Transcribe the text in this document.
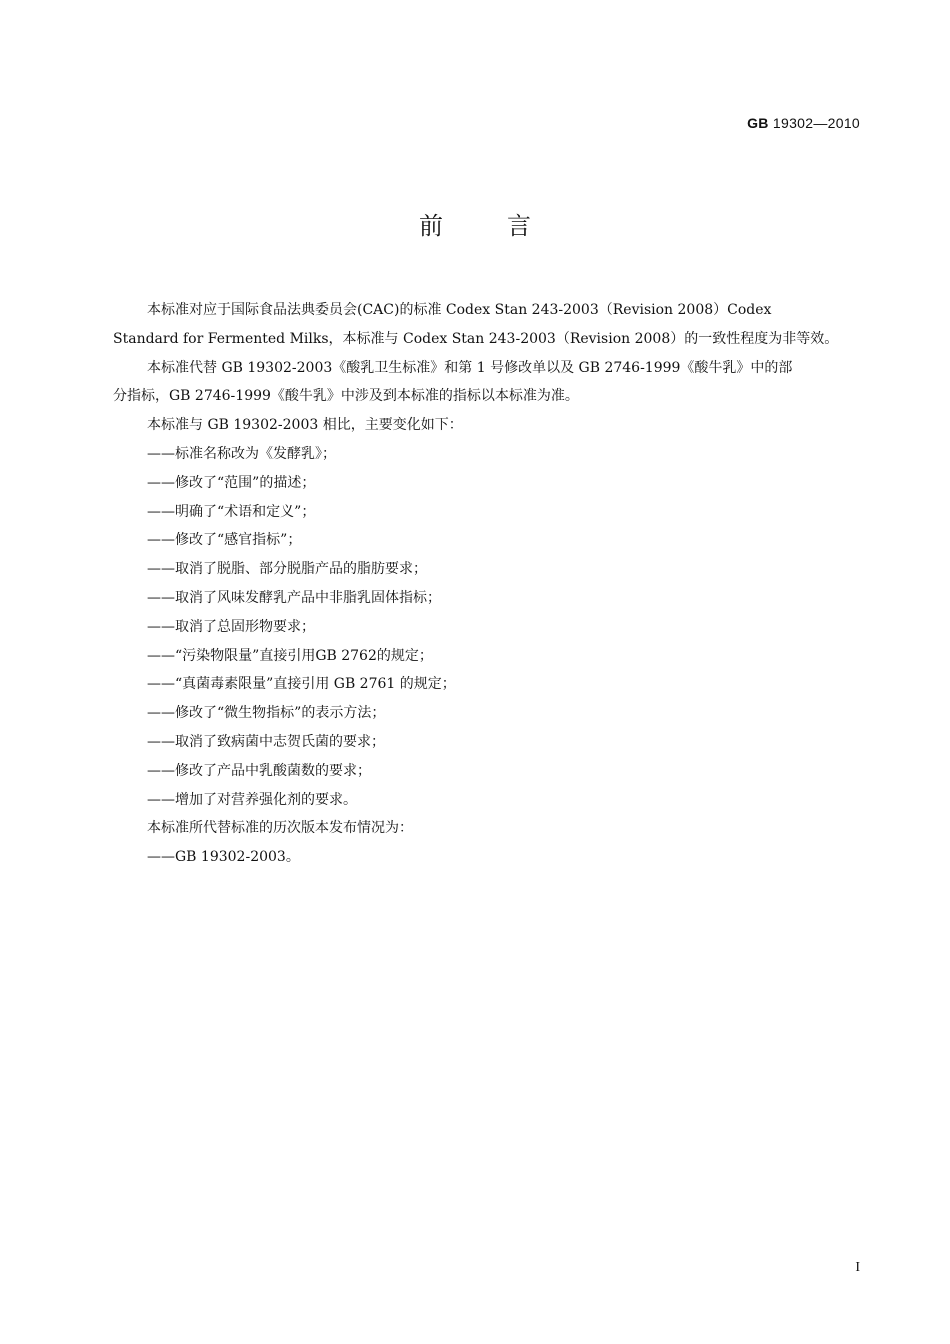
GB 19302—2010
前	言

本标准对应于国际食品法典委员会(CAC)的标准 Codex Stan 243-2003（Revision 2008）Codex
Standard for Fermented Milks，本标准与 Codex Stan 243-2003（Revision 2008）的一致性程度为非等效。

本标准代替 GB 19302-2003《酸乳卫生标准》和第 1 号修改单以及 GB 2746-1999《酸牛乳》中的部
分指标，GB 2746-1999《酸牛乳》中涉及到本标准的指标以本标准为准。

本标准与 GB 19302-2003 相比，主要变化如下：

——标准名称改为《发酵乳》；

——修改了“范围”的描述；

——明确了“术语和定义”；

——修改了“感官指标”；

——取消了脱脂、部分脱脂产品的脂肪要求；

——取消了风味发酵乳产品中非脂乳固体指标；

——取消了总固形物要求；

——“污染物限量”直接引用GB 2762的规定；

——“真菌毒素限量”直接引用 GB 2761 的规定；

——修改了“微生物指标”的表示方法；

——取消了致病菌中志贺氏菌的要求；

——修改了产品中乳酸菌数的要求；

——增加了对营养强化剂的要求。

本标准所代替标准的历次版本发布情况为：

——GB 19302-2003。

I
